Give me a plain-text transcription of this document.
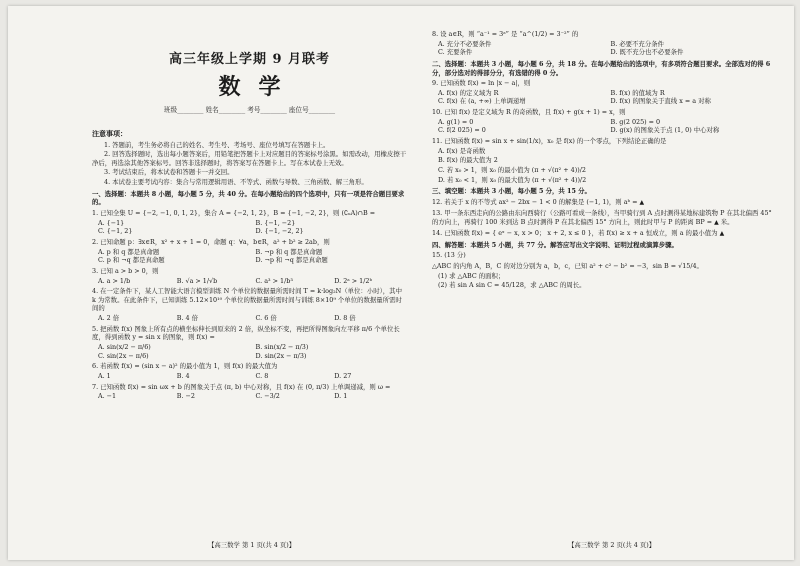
高三年级上学期 9 月联考
数学
班级________ 姓名________ 考号________ 座位号________
注意事项：

1. 答题前，考生务必将自己的姓名、考生号、考场号、座位号填写在答题卡上。

2. 回答选择题时，选出每小题答案后，用铅笔把答题卡上对应题目的答案标号涂黑。如需改动，用橡皮擦干净后，再选涂其他答案标号。回答非选择题时，将答案写在答题卡上。写在本试卷上无效。

3. 考试结束后，将本试卷和答题卡一并交回。

4. 本试卷主要考试内容：集合与常用逻辑用语、不等式、函数与导数、三角函数、解三角形。

一、选择题：本题共 8 小题，每小题 5 分，共 40 分。在每小题给出的四个选项中，只有一项是符合题目要求的。
1. 已知全集 U = {−2, −1, 0, 1, 2}，集合 A = {−2, 1, 2}，B = {−1, −2, 2}，则 (∁ᵤA)∩B =
A. {−1}	B. {−1, −2}
C. {−1, 2}	D. {−1, −2, 2}
2. 已知命题 p：∃x∈R，x² + x + 1 = 0，命题 q：∀a，b∈R，a² + b² ≥ 2ab，则
A. p 和 q 都是真命题	B. ¬p 和 q 都是真命题
C. p 和 ¬q 都是真命题	D. ¬p 和 ¬q 都是真命题
3. 已知 a > b > 0，则
A. a > 1/b	B. √a > 1/√b	C. a³ > 1/b³	D. 2ᵃ > 1/2ᵇ
4. 在一定条件下，某人工智能大语言模型训练 N 个单位的数据量所需时间 T = k·log₂N（单位：小时），其中 k 为常数。在此条件下，已知训练 5.12×10¹⁰ 个单位的数据量所需时间与训练 8×10⁹ 个单位的数据量所需时间的
A. 2 倍	B. 4 倍	C. 6 倍	D. 8 倍
5. 把函数 f(x) 图象上所有点的横坐标伸长到原来的 2 倍，纵坐标不变，再把所得图象向左平移 π/6 个单位长度，得到函数 y = sin x 的图象，则 f(x) =
A. sin(x/2 − π/6)	B. sin(x/2 − π/3)
C. sin(2x − π/6)	D. sin(2x − π/3)
6. 若函数 f(x) = (sin x − a)² 的最小值为 1，则 f(x) 的最大值为
A. 1	B. 4	C. 8	D. 27
7. 已知函数 f(x) = sin ωx + b 的图象关于点 (π, b) 中心对称，且 f(x) 在 (0, π/3) 上单调递减，则 ω =
A. −1	B. −2	C. −3/2	D. 1
8. 设 a∈R，则 “a⁻¹ = 3ᵃ” 是 “a^(1/2) = 3⁻²” 的
A. 充分不必要条件	B. 必要不充分条件
C. 充要条件	D. 既不充分也不必要条件
二、选择题：本题共 3 小题，每小题 6 分，共 18 分。在每小题给出的选项中，有多项符合题目要求。全部选对的得 6 分，部分选对的得部分分，有选错的得 0 分。
9. 已知函数 f(x) = ln |x − a|，则
A. f(x) 的定义域为 R	B. f(x) 的值域为 R
C. f(x) 在 (a, +∞) 上单调递增	D. f(x) 的图象关于直线 x = a 对称
10. 已知 f(x) 是定义域为 R 的奇函数，且 f(x) + g(x + 1) = x，则
A. g(1) = 0	B. g(2 025) = 0
C. f(2 025) = 0	D. g(x) 的图象关于点 (1, 0) 中心对称
11. 已知函数 f(x) = sin x + sin(1/x)，x₀ 是 f(x) 的一个零点，下列结论正确的是
A. f(x) 是奇函数
B. f(x) 的最大值为 2
C. 若 x₀ > 1，则 x₀ 的最小值为 (π + √(π² + 4))/2
D. 若 x₀ < 1，则 x₀ 的最大值为 (π + √(π² + 4))/2
三、填空题：本题共 3 小题，每小题 5 分，共 15 分。
12. 若关于 x 的不等式 ax² − 2bx − 1 < 0 的解集是 (−1, 1)，则 aᵇ = ▲
13. 甲一条东西走向的公路由东向西骑行（公路可看成一条线），当甲骑行到 A 点时测得某地标建筑物 P 在其北偏西 45° 的方向上，再骑行 100 米到达 B 点时测得 P 在其北偏西 15° 方向上，则此时甲与 P 的距离 BP = ▲ 米。
14. 已知函数 f(x) = { eˣ − x, x > 0； x + 2, x ≤ 0 }，若 f(x) ≥ x + a 恒成立，则 a 的最小值为 ▲
四、解答题：本题共 5 小题，共 77 分。解答应写出文字说明、证明过程或演算步骤。
15. (13 分)
△ABC 的内角 A，B，C 的对边分别为 a，b，c，已知 a² + c² − b² = −3，sin B = √15/4。
(1) 求 △ABC 的面积；
(2) 若 sin A sin C = 45/128，求 △ABC 的周长。
【高三数学 第 1 页(共 4 页)】	【高三数学 第 2 页(共 4 页)】
